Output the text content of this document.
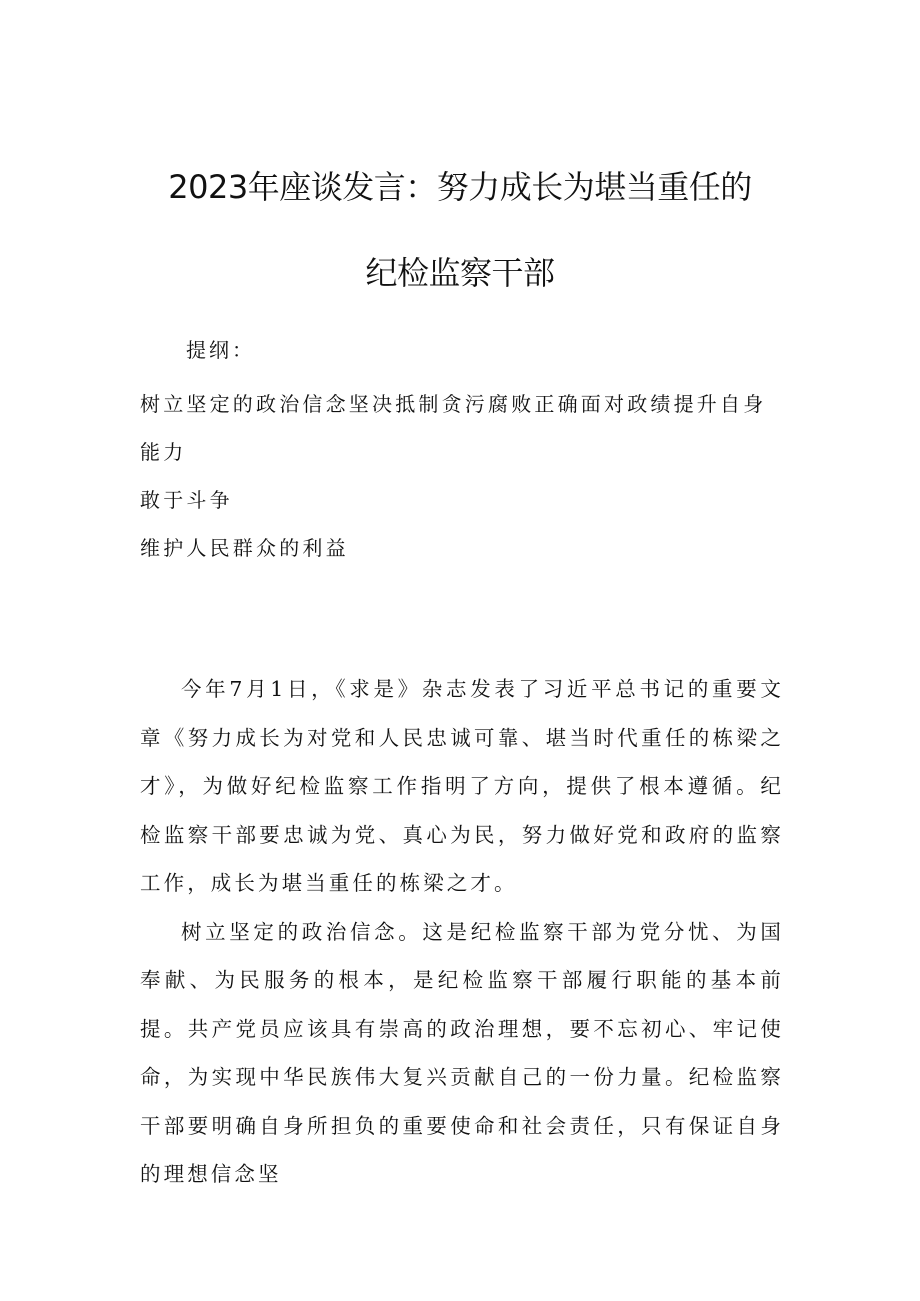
2023年座谈发言：努力成长为堪当重任的
纪检监察干部
提纲：
树立坚定的政治信念坚决抵制贪污腐败正确面对政绩提升自身能力
敢于斗争
维护人民群众的利益

今年7月1日，《求是》杂志发表了习近平总书记的重要文章《努力成长为对党和人民忠诚可靠、堪当时代重任的栋梁之才》，为做好纪检监察工作指明了方向，提供了根本遵循。纪检监察干部要忠诚为党、真心为民，努力做好党和政府的监察工作，成长为堪当重任的栋梁之才。

树立坚定的政治信念。这是纪检监察干部为党分忧、为国奉献、为民服务的根本，是纪检监察干部履行职能的基本前提。共产党员应该具有崇高的政治理想，要不忘初心、牢记使命，为实现中华民族伟大复兴贡献自己的一份力量。纪检监察干部要明确自身所担负的重要使命和社会责任，只有保证自身的理想信念坚
